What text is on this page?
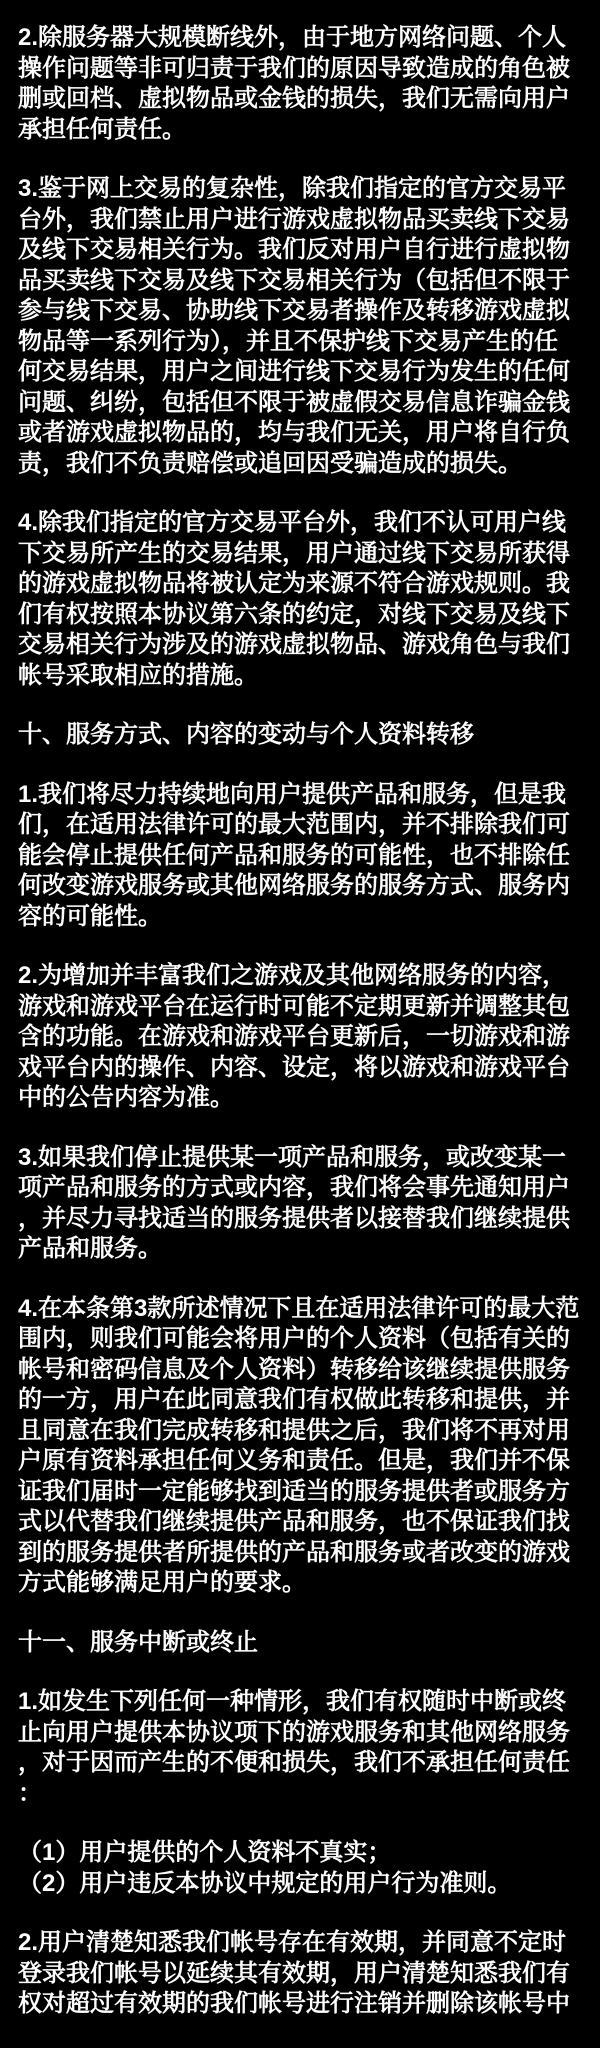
2.除服务器大规模断线外，由于地方网络问题、个人操作问题等非可归责于我们的原因导致造成的角色被删或回档、虚拟物品或金钱的损失，我们无需向用户承担任何责任。
3.鉴于网上交易的复杂性，除我们指定的官方交易平台外，我们禁止用户进行游戏虚拟物品买卖线下交易及线下交易相关行为。我们反对用户自行进行虚拟物品买卖线下交易及线下交易相关行为（包括但不限于参与线下交易、协助线下交易者操作及转移游戏虚拟物品等一系列行为），并且不保护线下交易产生的任何交易结果，用户之间进行线下交易行为发生的任何问题、纠纷，包括但不限于被虚假交易信息诈骗金钱或者游戏虚拟物品的，均与我们无关，用户将自行负责，我们不负责赔偿或追回因受骗造成的损失。
4.除我们指定的官方交易平台外，我们不认可用户线下交易所产生的交易结果，用户通过线下交易所获得的游戏虚拟物品将被认定为来源不符合游戏规则。我们有权按照本协议第六条的约定，对线下交易及线下交易相关行为涉及的游戏虚拟物品、游戏角色与我们帐号采取相应的措施。
十、服务方式、内容的变动与个人资料转移
1.我们将尽力持续地向用户提供产品和服务，但是我们，在适用法律许可的最大范围内，并不排除我们可能会停止提供任何产品和服务的可能性，也不排除任何改变游戏服务或其他网络服务的服务方式、服务内容的可能性。
2.为增加并丰富我们之游戏及其他网络服务的内容，游戏和游戏平台在运行时可能不定期更新并调整其包含的功能。在游戏和游戏平台更新后，一切游戏和游戏平台内的操作、内容、设定，将以游戏和游戏平台中的公告内容为准。
3.如果我们停止提供某一项产品和服务，或改变某一项产品和服务的方式或内容，我们将会事先通知用户，并尽力寻找适当的服务提供者以接替我们继续提供产品和服务。
4.在本条第3款所述情况下且在适用法律许可的最大范围内，则我们可能会将用户的个人资料（包括有关的帐号和密码信息及个人资料）转移给该继续提供服务的一方，用户在此同意我们有权做此转移和提供，并且同意在我们完成转移和提供之后，我们将不再对用户原有资料承担任何义务和责任。但是，我们并不保证我们届时一定能够找到适当的服务提供者或服务方式以代替我们继续提供产品和服务，也不保证我们找到的服务提供者所提供的产品和服务或者改变的游戏方式能够满足用户的要求。
十一、服务中断或终止
1.如发生下列任何一种情形，我们有权随时中断或终止向用户提供本协议项下的游戏服务和其他网络服务，对于因而产生的不便和损失，我们不承担任何责任：
（1）用户提供的个人资料不真实；
（2）用户违反本协议中规定的用户行为准则。
2.用户清楚知悉我们帐号存在有效期，并同意不定时登录我们帐号以延续其有效期，用户清楚知悉我们有权对超过有效期的我们帐号进行注销并删除该帐号中
